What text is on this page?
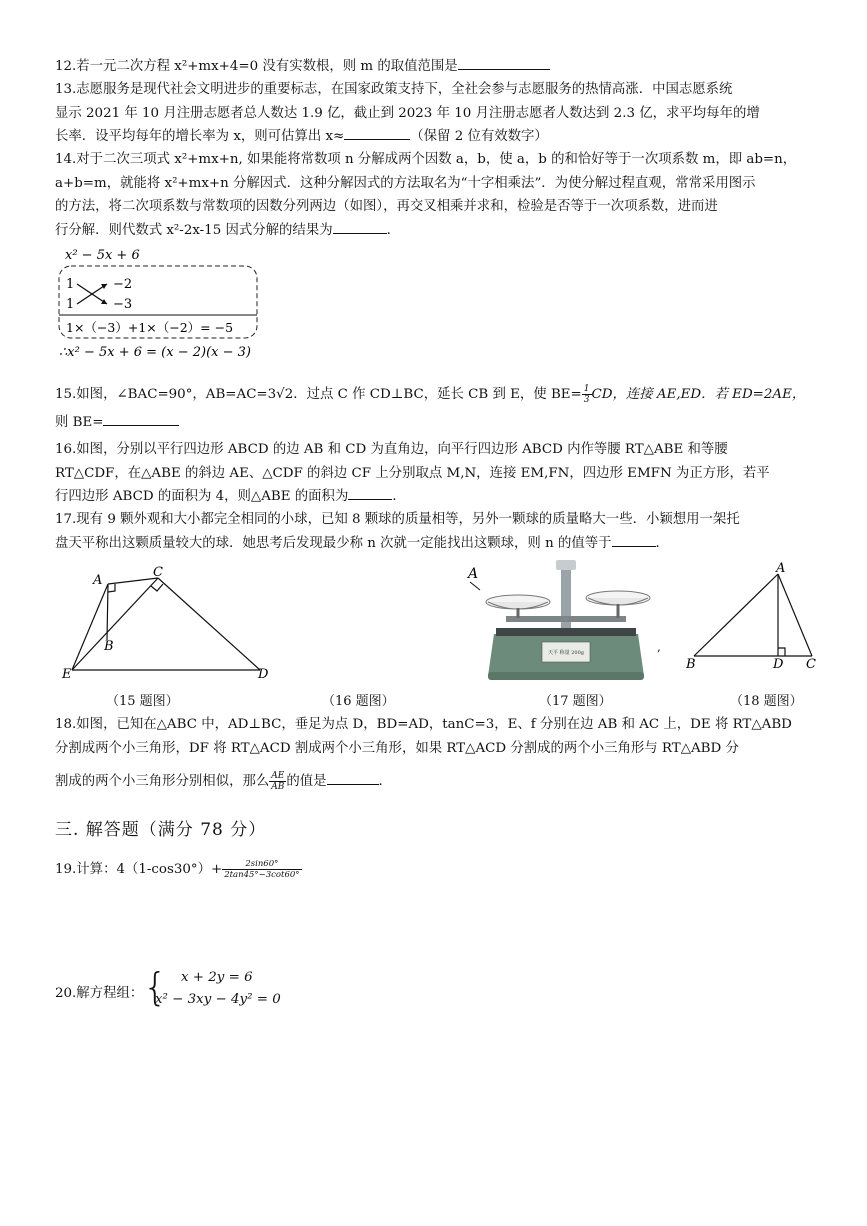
12.若一元二次方程 x²+mx+4=0 没有实数根，则 m 的取值范围是
13.志愿服务是现代社会文明进步的重要标志，在国家政策支持下，全社会参与志愿服务的热情高涨．中国志愿系统
显示 2021 年 10 月注册志愿者总人数达 1.9 亿，截止到 2023 年 10 月注册志愿者人数达到 2.3 亿，求平均每年的增
长率．设平均每年的增长率为 x，则可估算出 x≈	（保留 2 位有效数字）
14.对于二次三项式 x²+mx+n, 如果能将常数项 n 分解成两个因数 a，b，使 a，b 的和恰好等于一次项系数 m，即 ab=n，
a+b=m，就能将 x²+mx+n 分解因式．这种分解因式的方法取名为“十字相乘法”．为使分解过程直观，常常采用图示
的方法，将二次项系数与常数项的因数分列两边（如图），再交叉相乘并求和，检验是否等于一次项系数，进而进
行分解．则代数式 x²-2x-15 因式分解的结果为	．
x² − 5x + 6
1
1
−2
−3
1×（−3）+1×（−2）= −5
∴x² − 5x + 6 = (x − 2)(x − 3)
15.如图，∠BAC=90°，AB=AC=3√2．过点 C 作 CD⊥BC，延长 CB 到 E，使 $BE= \frac{1}{3}$ CD，连接 AE,ED．若 ED=2AE，
则 BE=
16.如图，分别以平行四边形 ABCD 的边 AB 和 CD 为直角边，向平行四边形 ABCD 内作等腰 RT△ABE 和等腰
RT△CDF，在△ABE 的斜边 AE、△CDF 的斜边 CF 上分别取点 M,N，连接 EM,FN，四边形 EMFN 为正方形，若平
行四边形 ABCD 的面积为 4，则△ABE 的面积为	．
17.现有 9 颗外观和大小都完全相同的小球，已知 8 颗球的质量相等，另外一颗球的质量略大一些．小颖想用一架托
盘天平称出这颗质量较大的球．她思考后发现最少称 n 次就一定能找出这颗球，则 n 的值等于	．
A
C
B
E	D
A
天平 称量 200g	,
A
B	D C
（15 题图）	（16 题图）	（17 题图）	（18 题图）
18.如图，已知在△ABC 中，AD⊥BC，垂足为点 D，BD=AD，tanC=3，E、f 分别在边 AB 和 AC 上，DE 将 RT△ABD
分割成两个小三角形，DF 将 RT△ACD 割成两个小三角形，如果 RT△ACD 分割成的两个小三角形与 RT△ABD 分
割成的两个小三角形分别相似，那么 $\frac{AE}{AB}$ 的值是	．
三. 解答题（满分 78 分）
19.计算：$4(1-\cos 30^\circ)+ \frac{2\sin 60^\circ}{2\tan 45^\circ-3\cot 60^\circ}$
20.解方程组： { x + 2y = 6
x² − 3xy − 4y² = 0
